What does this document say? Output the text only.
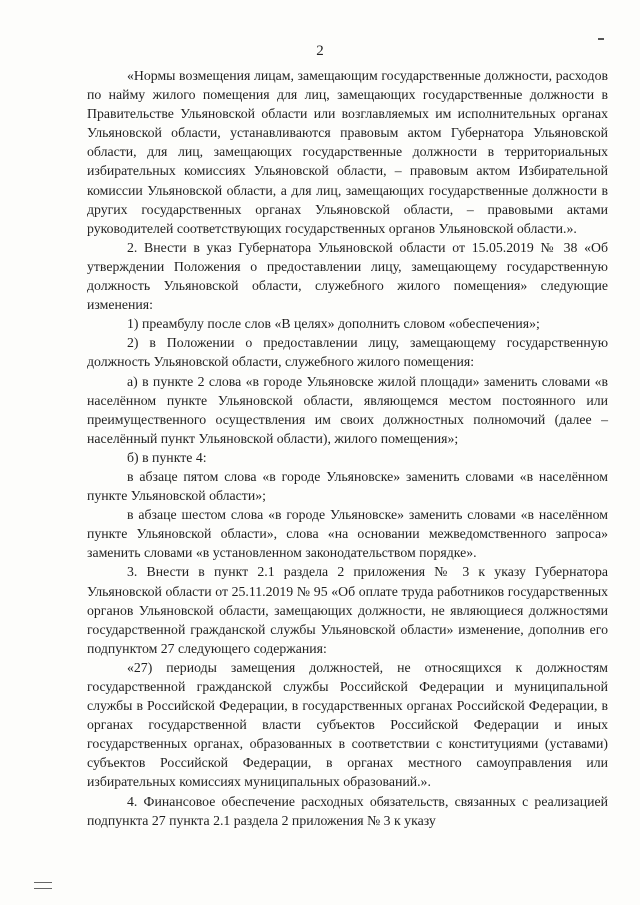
2

«Нормы возмещения лицам, замещающим государственные должности, расходов по найму жилого помещения для лиц, замещающих государственные должности в Правительстве Ульяновской области или возглавляемых им исполнительных органах Ульяновской области, устанавливаются правовым актом Губернатора Ульяновской области, для лиц, замещающих государственные должности в территориальных избирательных комиссиях Ульяновской области, – правовым актом Избирательной комиссии Ульяновской области, а для лиц, замещающих государственные должности в других государственных органах Ульяновской области, – правовыми актами руководителей соответствующих государственных органов Ульяновской области.».

2. Внести в указ Губернатора Ульяновской области от 15.05.2019 № 38 «Об утверждении Положения о предоставлении лицу, замещающему государственную должность Ульяновской области, служебного жилого помещения» следующие изменения:

1) преамбулу после слов «В целях» дополнить словом «обеспечения»;

2) в Положении о предоставлении лицу, замещающему государственную должность Ульяновской области, служебного жилого помещения:

а) в пункте 2 слова «в городе Ульяновске жилой площади» заменить словами «в населённом пункте Ульяновской области, являющемся местом постоянного или преимущественного осуществления им своих должностных полномочий (далее – населённый пункт Ульяновской области), жилого помещения»;

б) в пункте 4:

в абзаце пятом слова «в городе Ульяновске» заменить словами «в населённом пункте Ульяновской области»;

в абзаце шестом слова «в городе Ульяновске» заменить словами «в населённом пункте Ульяновской области», слова «на основании межведомственного запроса» заменить словами «в установленном законодательством порядке».

3. Внести в пункт 2.1 раздела 2 приложения № 3 к указу Губернатора Ульяновской области от 25.11.2019 № 95 «Об оплате труда работников государственных органов Ульяновской области, замещающих должности, не являющиеся должностями государственной гражданской службы Ульяновской области» изменение, дополнив его подпунктом 27 следующего содержания:

«27) периоды замещения должностей, не относящихся к должностям государственной гражданской службы Российской Федерации и муниципальной службы в Российской Федерации, в государственных органах Российской Федерации, в органах государственной власти субъектов Российской Федерации и иных государственных органах, образованных в соответствии с конституциями (уставами) субъектов Российской Федерации, в органах местного самоуправления или избирательных комиссиях муниципальных образований.».

4. Финансовое обеспечение расходных обязательств, связанных с реализацией подпункта 27 пункта 2.1 раздела 2 приложения № 3 к указу
